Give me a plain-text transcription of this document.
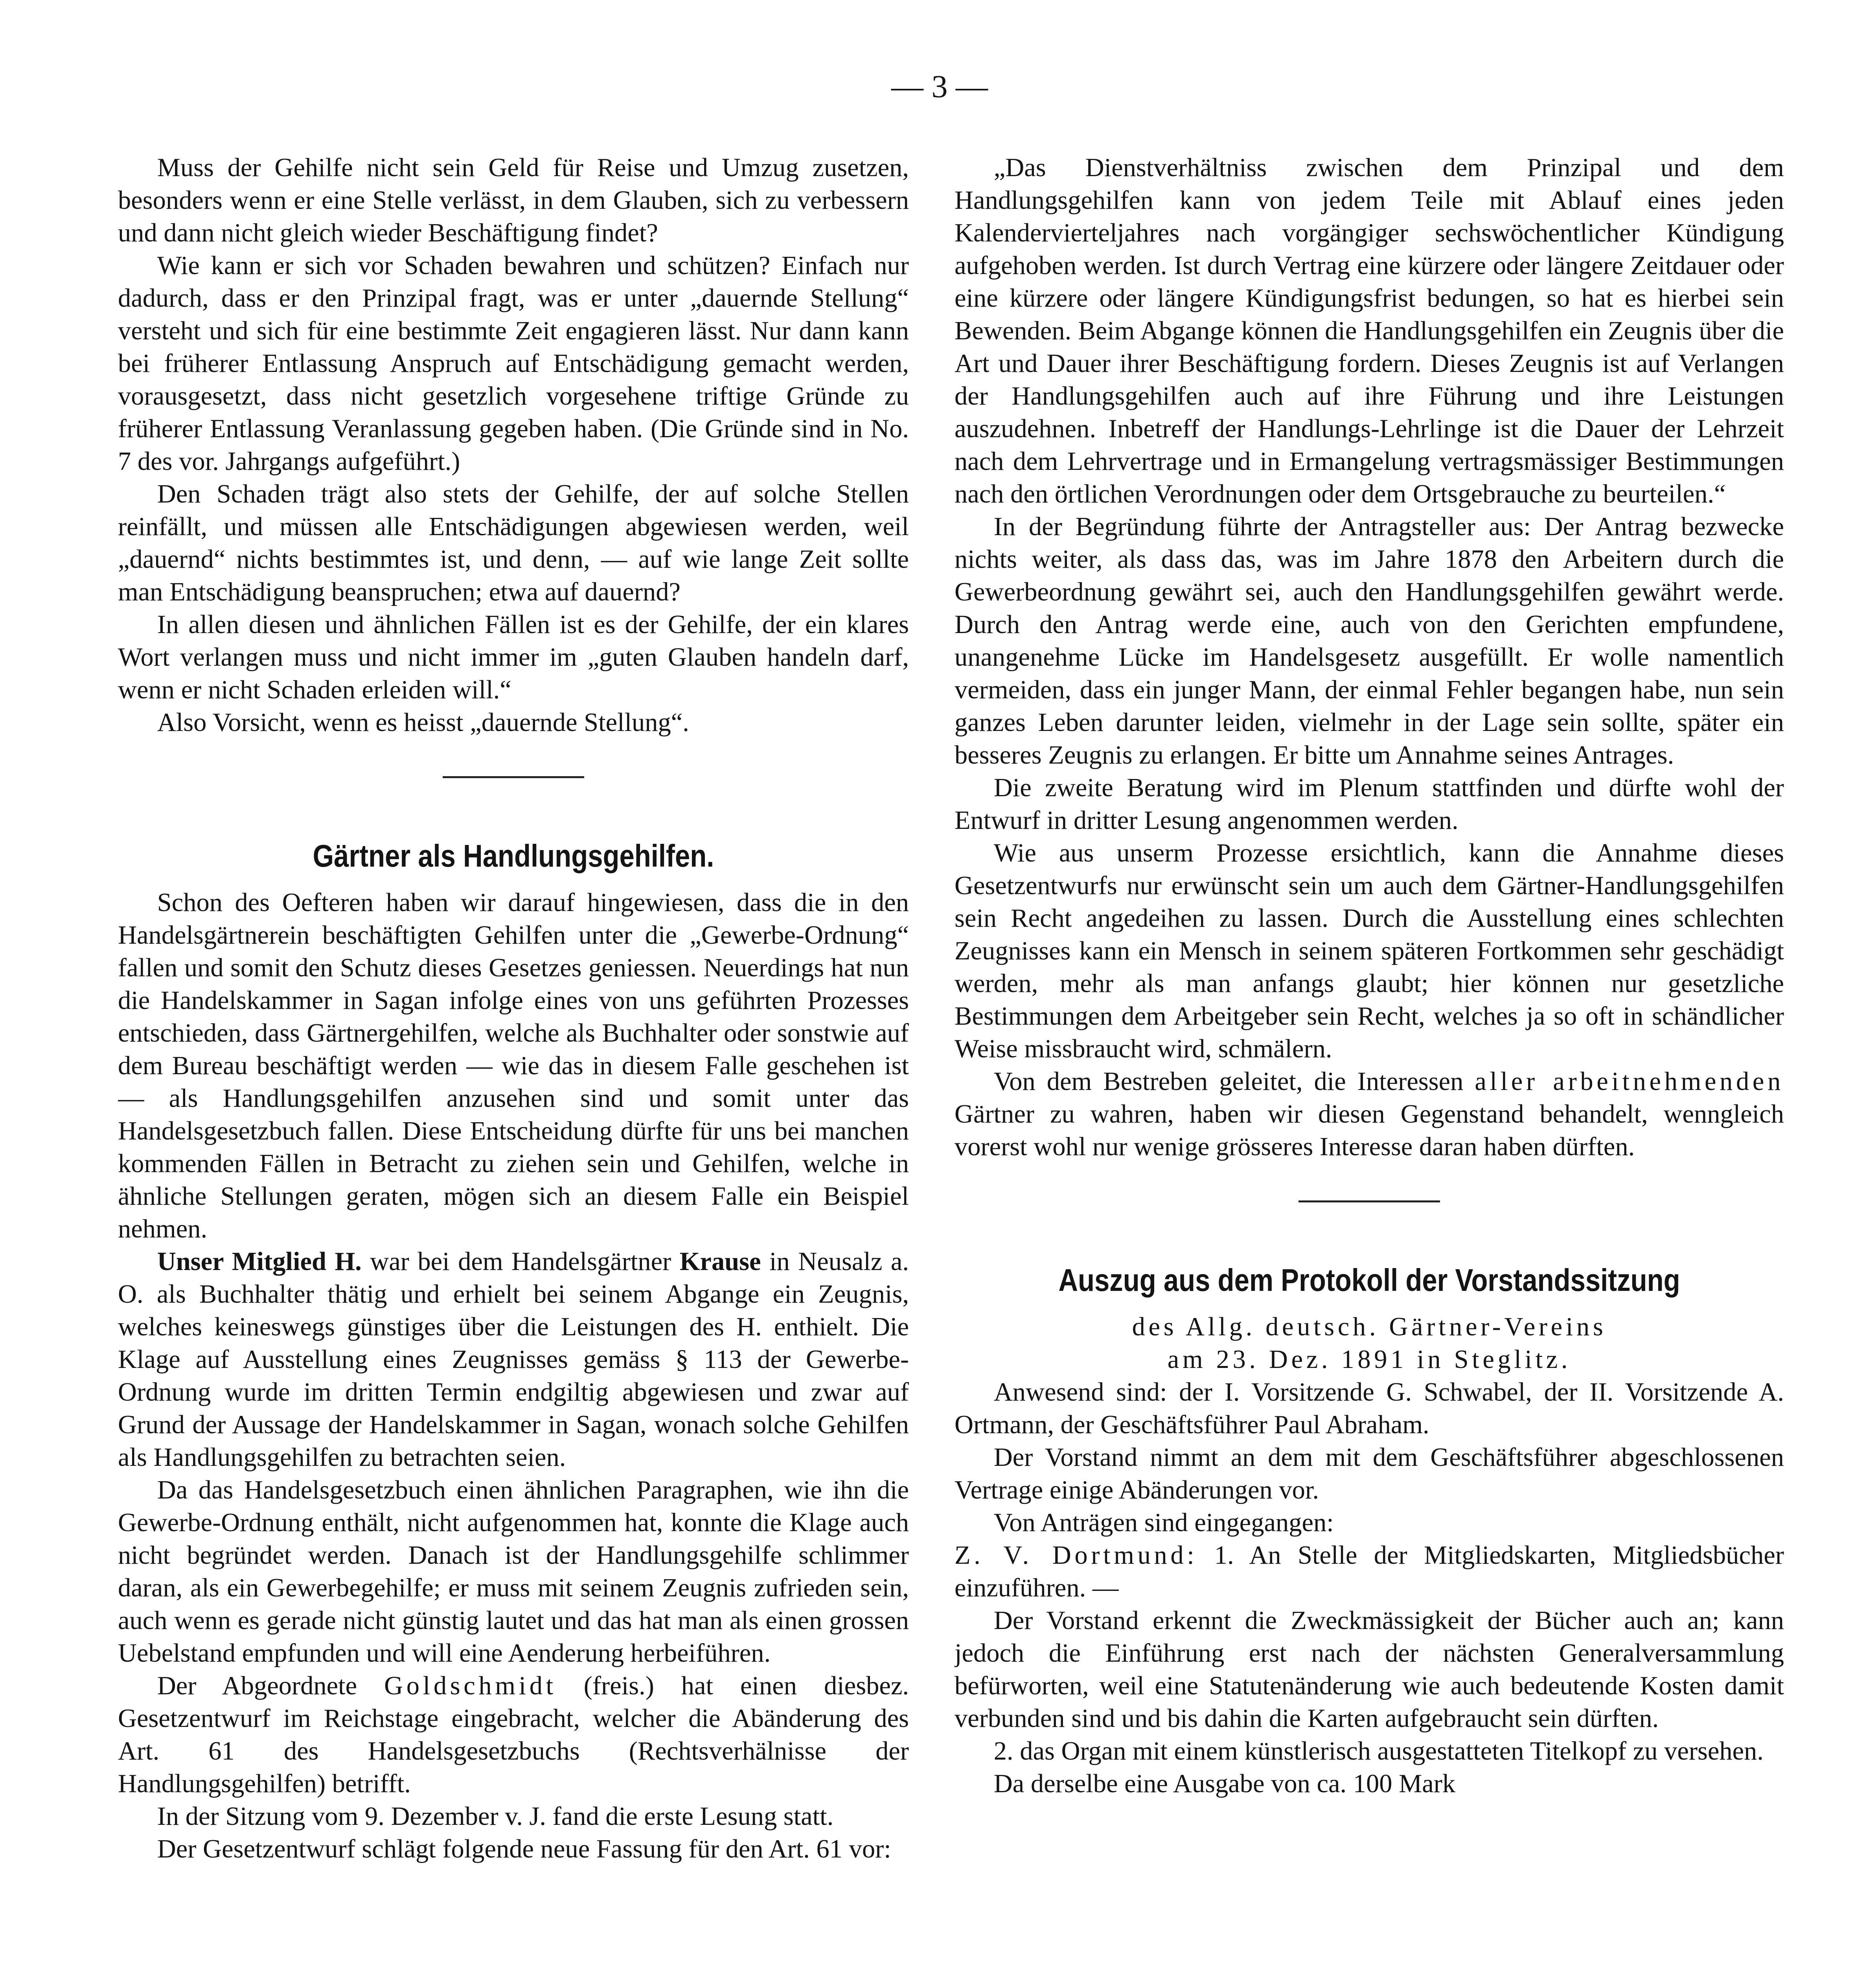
— 3 —

Muss der Gehilfe nicht sein Geld für Reise und Umzug zusetzen, besonders wenn er eine Stelle verlässt, in dem Glauben, sich zu verbessern und dann nicht gleich wieder Beschäftigung findet?

Wie kann er sich vor Schaden bewahren und schützen? Einfach nur dadurch, dass er den Prinzipal fragt, was er unter „dauernde Stellung“ versteht und sich für eine bestimmte Zeit engagieren lässt. Nur dann kann bei früherer Entlassung Anspruch auf Entschädigung gemacht werden, vorausgesetzt, dass nicht gesetzlich vorgesehene triftige Gründe zu früherer Entlassung Veranlassung gegeben haben. (Die Gründe sind in No. 7 des vor. Jahrgangs aufgeführt.)

Den Schaden trägt also stets der Gehilfe, der auf solche Stellen reinfällt, und müssen alle Entschädigungen abgewiesen werden, weil „dauernd“ nichts bestimmtes ist, und denn, — auf wie lange Zeit sollte man Entschädigung beanspruchen; etwa auf dauernd?

In allen diesen und ähnlichen Fällen ist es der Gehilfe, der ein klares Wort verlangen muss und nicht immer im „guten Glauben handeln darf, wenn er nicht Schaden erleiden will.“

Also Vorsicht, wenn es heisst „dauernde Stellung“.

Gärtner als Handlungsgehilfen.

Schon des Oefteren haben wir darauf hingewiesen, dass die in den Handelsgärtnerein beschäftigten Gehilfen unter die „Gewerbe-Ordnung“ fallen und somit den Schutz dieses Gesetzes geniessen. Neuerdings hat nun die Handelskammer in Sagan infolge eines von uns geführten Prozesses entschieden, dass Gärtnergehilfen, welche als Buchhalter oder sonstwie auf dem Bureau beschäftigt werden — wie das in diesem Falle geschehen ist — als Handlungsgehilfen anzusehen sind und somit unter das Handelsgesetzbuch fallen. Diese Entscheidung dürfte für uns bei manchen kommenden Fällen in Betracht zu ziehen sein und Gehilfen, welche in ähnliche Stellungen geraten, mögen sich an diesem Falle ein Beispiel nehmen.

Unser Mitglied H. war bei dem Handelsgärtner Krause in Neusalz a. O. als Buchhalter thätig und erhielt bei seinem Abgange ein Zeugnis, welches keineswegs günstiges über die Leistungen des H. enthielt. Die Klage auf Ausstellung eines Zeugnisses gemäss § 113 der Gewerbe-Ordnung wurde im dritten Termin endgiltig abgewiesen und zwar auf Grund der Aussage der Handelskammer in Sagan, wonach solche Gehilfen als Handlungsgehilfen zu betrachten seien.

Da das Handelsgesetzbuch einen ähnlichen Paragraphen, wie ihn die Gewerbe-Ordnung enthält, nicht aufgenommen hat, konnte die Klage auch nicht begründet werden. Danach ist der Handlungsgehilfe schlimmer daran, als ein Gewerbegehilfe; er muss mit seinem Zeugnis zufrieden sein, auch wenn es gerade nicht günstig lautet und das hat man als einen grossen Uebelstand empfunden und will eine Aenderung herbeiführen.

Der Abgeordnete Goldschmidt (freis.) hat einen diesbez. Gesetzentwurf im Reichstage eingebracht, welcher die Abänderung des Art. 61 des Handelsgesetzbuchs (Rechtsverhälnisse der Handlungsgehilfen) betrifft.

In der Sitzung vom 9. Dezember v. J. fand die erste Lesung statt.

Der Gesetzentwurf schlägt folgende neue Fassung für den Art. 61 vor:

„Das Dienstverhältniss zwischen dem Prinzipal und dem Handlungsgehilfen kann von jedem Teile mit Ablauf eines jeden Kalendervierteljahres nach vorgängiger sechswöchentlicher Kündigung aufgehoben werden. Ist durch Vertrag eine kürzere oder längere Zeitdauer oder eine kürzere oder längere Kündigungsfrist bedungen, so hat es hierbei sein Bewenden. Beim Abgange können die Handlungsgehilfen ein Zeugnis über die Art und Dauer ihrer Beschäftigung fordern. Dieses Zeugnis ist auf Verlangen der Handlungsgehilfen auch auf ihre Führung und ihre Leistungen auszudehnen. Inbetreff der Handlungs-Lehrlinge ist die Dauer der Lehrzeit nach dem Lehrvertrage und in Ermangelung vertragsmässiger Bestimmungen nach den örtlichen Verordnungen oder dem Ortsgebrauche zu beurteilen.“

In der Begründung führte der Antragsteller aus: Der Antrag bezwecke nichts weiter, als dass das, was im Jahre 1878 den Arbeitern durch die Gewerbeordnung gewährt sei, auch den Handlungsgehilfen gewährt werde. Durch den Antrag werde eine, auch von den Gerichten empfundene, unangenehme Lücke im Handelsgesetz ausgefüllt. Er wolle namentlich vermeiden, dass ein junger Mann, der einmal Fehler begangen habe, nun sein ganzes Leben darunter leiden, vielmehr in der Lage sein sollte, später ein besseres Zeugnis zu erlangen. Er bitte um Annahme seines Antrages.

Die zweite Beratung wird im Plenum stattfinden und dürfte wohl der Entwurf in dritter Lesung angenommen werden.

Wie aus unserm Prozesse ersichtlich, kann die Annahme dieses Gesetzentwurfs nur erwünscht sein um auch dem Gärtner-Handlungsgehilfen sein Recht angedeihen zu lassen. Durch die Ausstellung eines schlechten Zeugnisses kann ein Mensch in seinem späteren Fortkommen sehr geschädigt werden, mehr als man anfangs glaubt; hier können nur gesetzliche Bestimmungen dem Arbeitgeber sein Recht, welches ja so oft in schändlicher Weise missbraucht wird, schmälern.

Von dem Bestreben geleitet, die Interessen aller arbeitnehmenden Gärtner zu wahren, haben wir diesen Gegenstand behandelt, wenngleich vorerst wohl nur wenige grösseres Interesse daran haben dürften.

Auszug aus dem Protokoll der Vorstandssitzung

des Allg. deutsch. Gärtner-Vereins

am 23. Dez. 1891 in Steglitz.

Anwesend sind: der I. Vorsitzende G. Schwabel, der II. Vorsitzende A. Ortmann, der Geschäftsführer Paul Abraham.

Der Vorstand nimmt an dem mit dem Geschäftsführer abgeschlossenen Vertrage einige Abänderungen vor.

Von Anträgen sind eingegangen:

Z. V. Dortmund: 1. An Stelle der Mitgliedskarten, Mitgliedsbücher einzuführen. —

Der Vorstand erkennt die Zweckmässigkeit der Bücher auch an; kann jedoch die Einführung erst nach der nächsten Generalversammlung befürworten, weil eine Statutenänderung wie auch bedeutende Kosten damit verbunden sind und bis dahin die Karten aufgebraucht sein dürften.

2. das Organ mit einem künstlerisch ausgestatteten Titelkopf zu versehen.

Da derselbe eine Ausgabe von ca. 100 Mark
